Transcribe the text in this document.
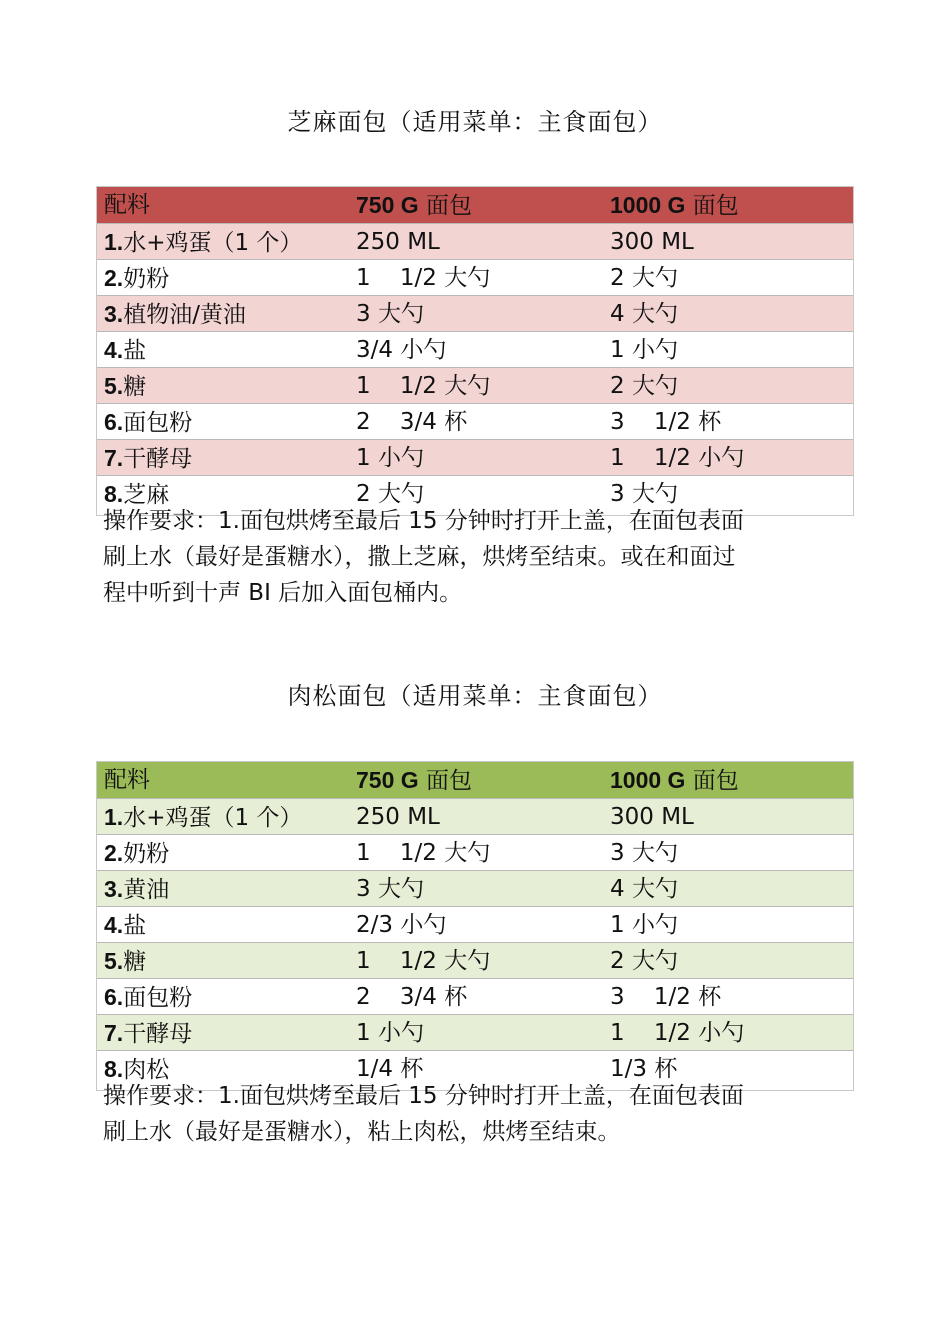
芝麻面包（适用菜单：主食面包）
配料	750 G 面包	1000 G 面包
1.水+鸡蛋（1 个） 250 ML	300 ML
2.奶粉	1    1/2 大勺	2 大勺
3.植物油/黄油	3 大勺	4 大勺
4.盐	3/4 小勺	1 小勺
5.糖	1    1/2 大勺	2 大勺
6.面包粉	2    3/4 杯	3    1/2 杯
7.干酵母	1 小勺	1    1/2 小勺
8.芝麻	2 大勺	3 大勺
操作要求：1.面包烘烤至最后 15 分钟时打开上盖，在面包表面
刷上水（最好是蛋糖水），撒上芝麻，烘烤至结束。或在和面过
程中听到十声 BI 后加入面包桶内。
肉松面包（适用菜单：主食面包）
配料	750 G 面包	1000 G 面包
1.水+鸡蛋（1 个） 250 ML	300 ML
2.奶粉	1    1/2 大勺	3 大勺
3.黄油	3 大勺	4 大勺
4.盐	2/3 小勺	1 小勺
5.糖	1    1/2 大勺	2 大勺
6.面包粉	2    3/4 杯	3    1/2 杯
7.干酵母	1 小勺	1    1/2 小勺
8.肉松	1/4 杯	1/3 杯
操作要求：1.面包烘烤至最后 15 分钟时打开上盖，在面包表面
刷上水（最好是蛋糖水），粘上肉松，烘烤至结束。
